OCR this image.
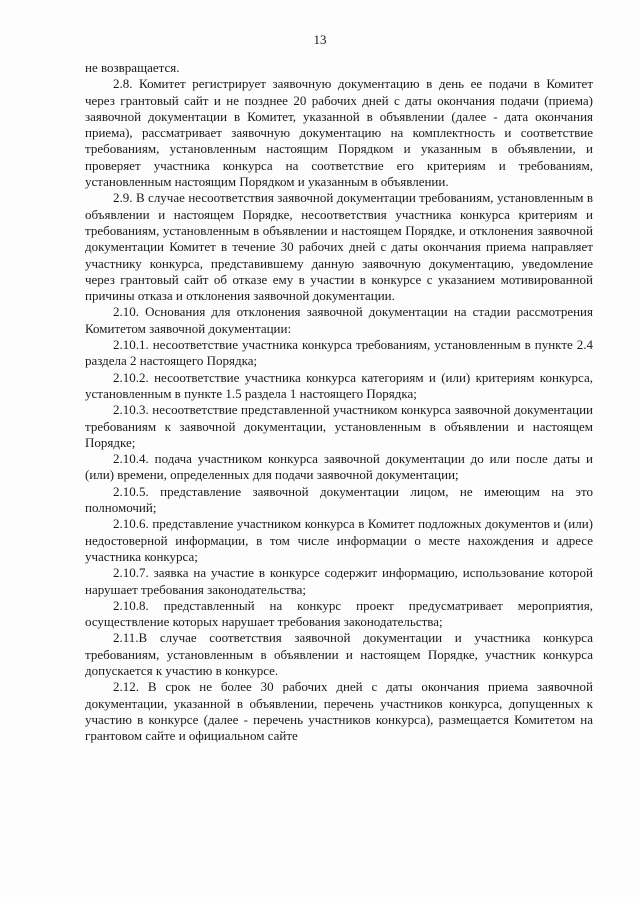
13

не возвращается.

2.8. Комитет регистрирует заявочную документацию в день ее подачи в Комитет через грантовый сайт и не позднее 20 рабочих дней с даты окончания подачи (приема) заявочной документации в Комитет, указанной в объявлении (далее - дата окончания приема), рассматривает заявочную документацию на комплектность и соответствие требованиям, установленным настоящим Порядком и указанным в объявлении, и проверяет участника конкурса на соответствие его критериям и требованиям, установленным настоящим Порядком и указанным в объявлении.

2.9. В случае несоответствия заявочной документации требованиям, установленным в объявлении и настоящем Порядке, несоответствия участника конкурса критериям и требованиям, установленным в объявлении и настоящем Порядке, и отклонения заявочной документации Комитет в течение 30 рабочих дней с даты окончания приема направляет участнику конкурса, представившему данную заявочную документацию, уведомление через грантовый сайт об отказе ему в участии в конкурсе с указанием мотивированной причины отказа и отклонения заявочной документации.

2.10. Основания для отклонения заявочной документации на стадии рассмотрения Комитетом заявочной документации:

2.10.1. несоответствие участника конкурса требованиям, установленным в пункте 2.4 раздела 2 настоящего Порядка;

2.10.2. несоответствие участника конкурса категориям и (или) критериям конкурса, установленным в пункте 1.5 раздела 1 настоящего Порядка;

2.10.3. несоответствие представленной участником конкурса заявочной документации требованиям к заявочной документации, установленным в объявлении и настоящем Порядке;

2.10.4. подача участником конкурса заявочной документации до или после даты и (или) времени, определенных для подачи заявочной документации;

2.10.5. представление заявочной документации лицом, не имеющим на это полномочий;

2.10.6. представление участником конкурса в Комитет подложных документов и (или) недостоверной информации, в том числе информации о месте нахождения и адресе участника конкурса;

2.10.7. заявка на участие в конкурсе содержит информацию, использование которой нарушает требования законодательства;

2.10.8. представленный на конкурс проект предусматривает мероприятия, осуществление которых нарушает требования законодательства;

2.11.В случае соответствия заявочной документации и участника конкурса требованиям, установленным в объявлении и настоящем Порядке, участник конкурса допускается к участию в конкурсе.

2.12. В срок не более 30 рабочих дней с даты окончания приема заявочной документации, указанной в объявлении, перечень участников конкурса, допущенных к участию в конкурсе (далее - перечень участников конкурса), размещается Комитетом на грантовом сайте и официальном сайте
